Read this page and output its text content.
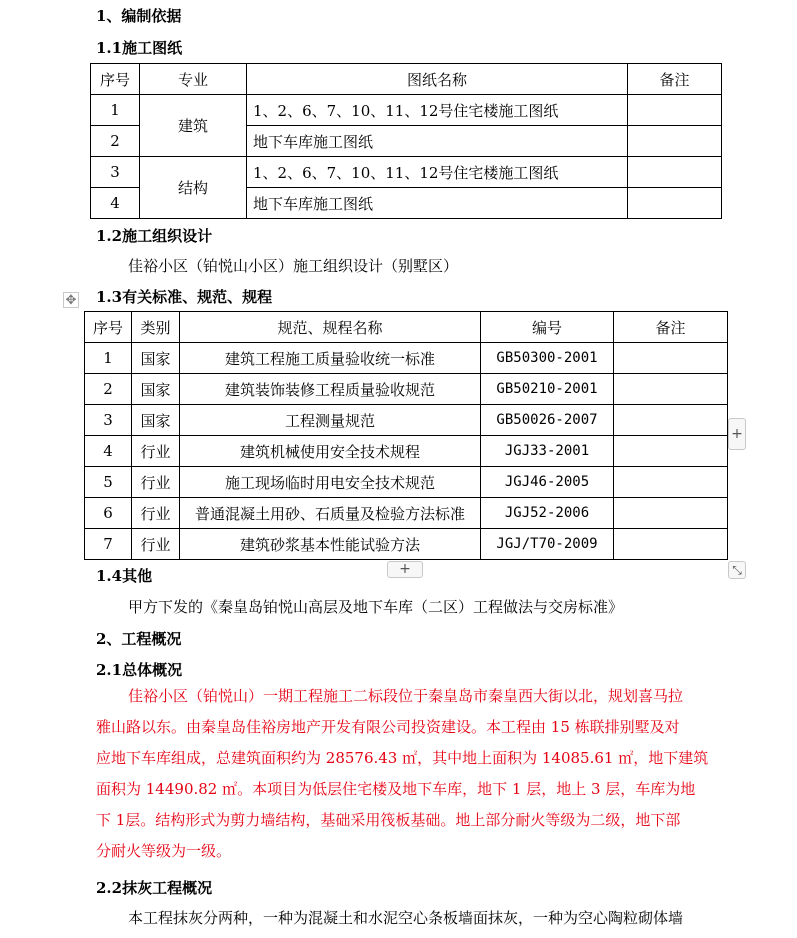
1、编制依据
1.1施工图纸
序号	专业	图纸名称	备注
1	建筑	1、2、6、7、10、11、12号住宅楼施工图纸	
2		地下车库施工图纸	
3	结构	1、2、6、7、10、11、12号住宅楼施工图纸	
4		地下车库施工图纸	
1.2施工组织设计
佳裕小区（铂悦山小区）施工组织设计（别墅区）
✥ 1.3有关标准、规范、规程
序号	类别	规范、规程名称	编号	备注
1	国家	建筑工程施工质量验收统一标准	GB50300-2001	
2	国家	建筑装饰装修工程质量验收规范	GB50210-2001	
3	国家	工程测量规范	GB50026-2007	
4	行业	建筑机械使用安全技术规程	JGJ33-2001	
5	行业	施工现场临时用电安全技术规范	JGJ46-2005	
6	行业	普通混凝土用砂、石质量及检验方法标准	JGJ52-2006	
7	行业	建筑砂浆基本性能试验方法	JGJ/T70-2009	
+
+	⤡
1.4其他
甲方下发的《秦皇岛铂悦山高层及地下车库（二区）工程做法与交房标准》
2、工程概况
2.1总体概况
佳裕小区（铂悦山）一期工程施工二标段位于秦皇岛市秦皇西大街以北，规划喜马拉
雅山路以东。由秦皇岛佳裕房地产开发有限公司投资建设。本工程由 15 栋联排别墅及对
应地下车库组成，总建筑面积约为 28576.43 ㎡，其中地上面积为 14085.61 ㎡，地下建筑
面积为 14490.82 ㎡。本项目为低层住宅楼及地下车库，地下 1 层，地上 3 层，车库为地
下 1层。结构形式为剪力墙结构，基础采用筏板基础。地上部分耐火等级为二级，地下部
分耐火等级为一级。
2.2抹灰工程概况
本工程抹灰分两种，一种为混凝土和水泥空心条板墙面抹灰，一种为空心陶粒砌体墙
